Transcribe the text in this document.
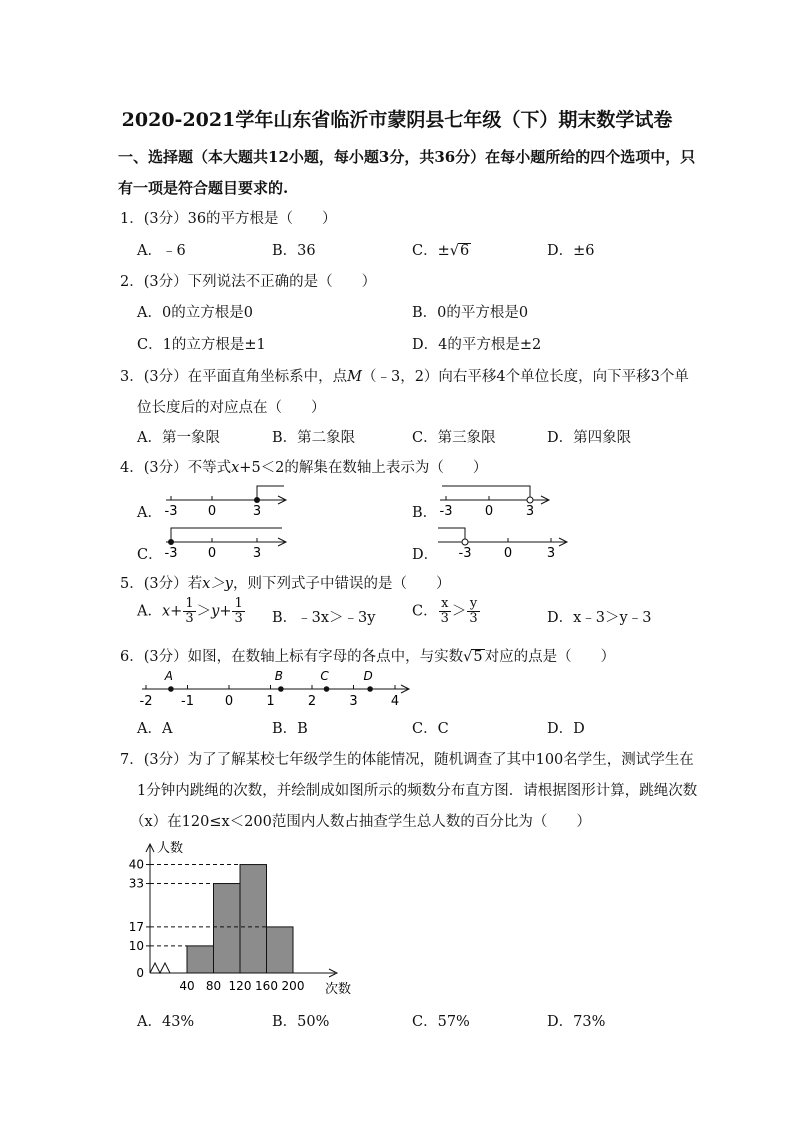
2020-2021学年山东省临沂市蒙阴县七年级（下）期末数学试卷
一、选择题（本大题共12小题，每小题3分，共36分）在每小题所给的四个选项中，只
有一项是符合题目要求的.
1．(3分）36的平方根是（　　）
A．﹣6	B．36	C．±√6	D．±6
2．(3分）下列说法不正确的是（　　）
A．0的立方根是0	B．0的平方根是0
C．1的立方根是±1	D．4的平方根是±2
3．(3分）在平面直角坐标系中，点M（﹣3，2）向右平移4个单位长度，向下平移3个单
位长度后的对应点在（　　）
A．第一象限	B．第二象限	C．第三象限	D．第四象限
4．(3分）不等式x+5＜2的解集在数轴上表示为（　　）
A． -3 0	3	B． -3 0	3
C． -3 0	3	D． -3 0	3
5．(3分）若x＞y，则下列式子中错误的是（　　）
A．$x+ \frac{1}{3} >y+ \frac{1}{3}$ B．﹣3x＞﹣3y	C． $\frac{x}{3} > \frac{y}{3}$	D．x﹣3＞y﹣3
6．(3分）如图，在数轴上标有字母的各点中，与实数√5 对应的点是（　　）
-2 -1 0	1	2	3	4
A	B	C	D
A．A	B．B	C．C	D．D
7．(3分）为了了解某校七年级学生的体能情况，随机调查了其中100名学生，测试学生在
1分钟内跳绳的次数，并绘制成如图所示的频数分布直方图．请根据图形计算，跳绳次数
（x）在120≤x＜200范围内人数占抽查学生总人数的百分比为（　　）
40
33
17
10
0
40 80 120 160 200
人数
次数
A．43%	B．50%	C．57%	D．73%
